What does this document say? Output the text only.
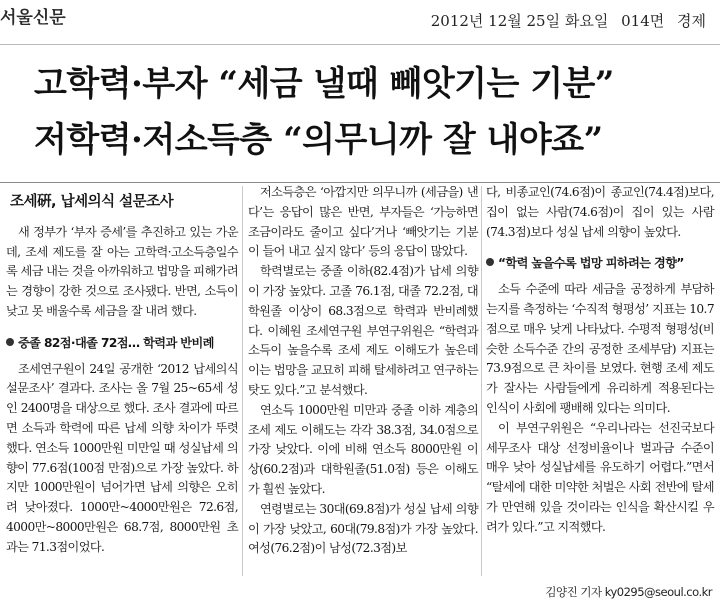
서울신문	2012년 12월 25일 화요일 014면 경제
고학력·부자 “세금 낼때 빼앗기는 기분”
저학력·저소득층 “의무니까 잘 내야죠”
조세硏, 납세의식 설문조사

새 정부가 ‘부자 증세’를 추진하고 있는 가운데, 조세 제도를 잘 아는 고학력·고소득층일수록 세금 내는 것을 아까워하고 법망을 피해가려는 경향이 강한 것으로 조사됐다. 반면, 소득이 낮고 못 배울수록 세금을 잘 내려 했다.

중졸 82점·대졸 72점… 학력과 반비례

조세연구원이 24일 공개한 ‘2012 납세의식 설문조사’ 결과다. 조사는 올 7월 25~65세 성인 2400명을 대상으로 했다. 조사 결과에 따르면 소득과 학력에 따른 납세 의향 차이가 뚜렷했다. 연소득 1000만원 미만일 때 성실납세 의향이 77.6점(100점 만점)으로 가장 높았다. 하지만 1000만원이 넘어가면 납세 의향은 오히려 낮아졌다. 1000만~4000만원은 72.6점, 4000만~8000만원은 68.7점, 8000만원 초과는 71.3점이었다.

저소득층은 ‘아깝지만 의무니까 (세금을) 낸다’는 응답이 많은 반면, 부자들은 ‘가능하면 조금이라도 줄이고 싶다’거나 ‘빼앗기는 기분이 들어 내고 싶지 않다’ 등의 응답이 많았다.

학력별로는 중졸 이하(82.4점)가 납세 의향이 가장 높았다. 고졸 76.1점, 대졸 72.2점, 대학원졸 이상이 68.3점으로 학력과 반비례했다. 이혜원 조세연구원 부연구위원은 “학력과 소득이 높을수록 조세 제도 이해도가 높은데 이는 법망을 교묘히 피해 탈세하려고 연구하는 탓도 있다.”고 분석했다.

연소득 1000만원 미만과 중졸 이하 계층의 조세 제도 이해도는 각각 38.3점, 34.0점으로 가장 낮았다. 이에 비해 연소득 8000만원 이상(60.2점)과 대학원졸(51.0점) 등은 이해도가 훨씬 높았다.

연령별로는 30대(69.8점)가 성실 납세 의향이 가장 낮았고, 60대(79.8점)가 가장 높았다. 여성(76.2점)이 남성(72.3점)보

다, 비종교인(74.6점)이 종교인(74.4점)보다, 집이 없는 사람(74.6점)이 집이 있는 사람(74.3점)보다 성실 납세 의향이 높았다.

“학력 높을수록 법망 피하려는 경향”

소득 수준에 따라 세금을 공정하게 부담하는지를 측정하는 ‘수직적 형평성’ 지표는 10.7점으로 매우 낮게 나타났다. 수평적 형평성(비슷한 소득수준 간의 공정한 조세부담) 지표는 73.9점으로 큰 차이를 보였다. 현행 조세 제도가 잘사는 사람들에게 유리하게 적용된다는 인식이 사회에 팽배해 있다는 의미다.

이 부연구위원은 “우리나라는 선진국보다 세무조사 대상 선정비율이나 벌과금 수준이 매우 낮아 성실납세를 유도하기 어렵다.”면서 “탈세에 대한 미약한 처벌은 사회 전반에 탈세가 만연해 있을 것이라는 인식을 확산시킬 우려가 있다.”고 지적했다.

김양진 기자 ky0295@seoul.co.kr
